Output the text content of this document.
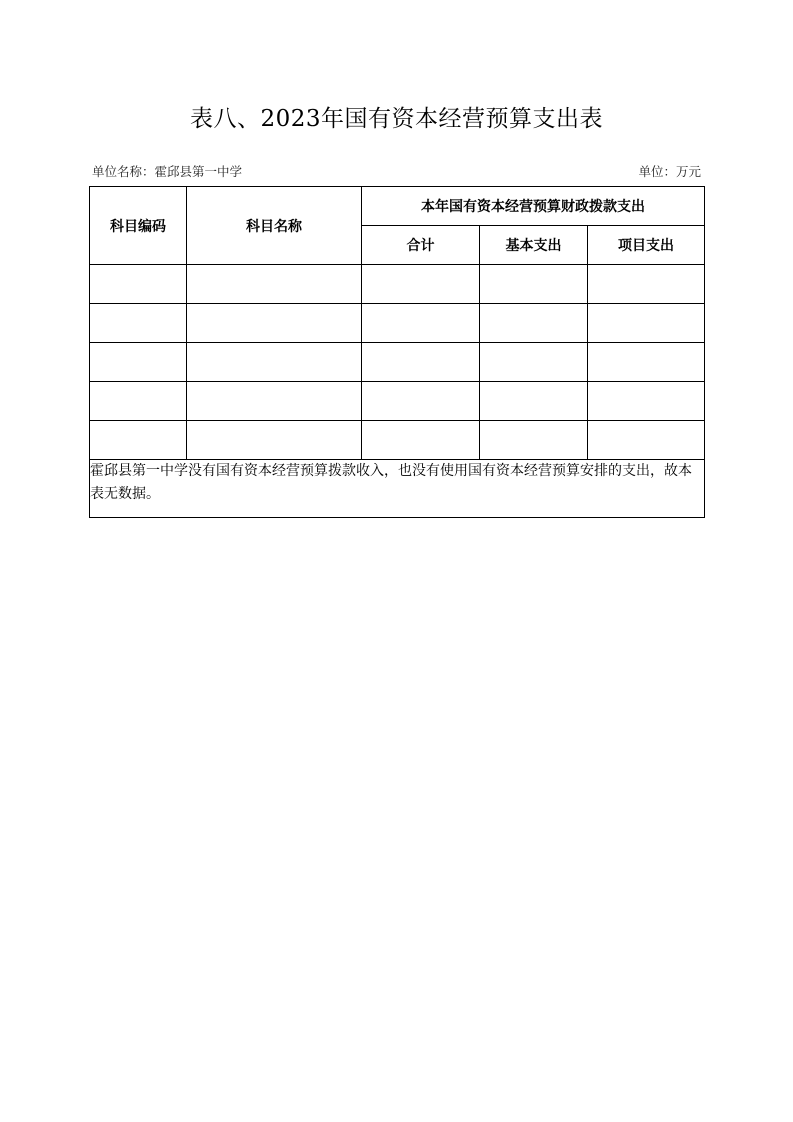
表八、2023年国有资本经营预算支出表
单位名称：霍邱县第一中学	单位：万元
科目编码	科目名称	本年国有资本经营预算财政拨款支出		
		合计	基本支出	项目支出

霍邱县第一中学没有国有资本经营预算拨款收入，也没有使用国有资本经营预算安排的支出，故本表无数据。				
